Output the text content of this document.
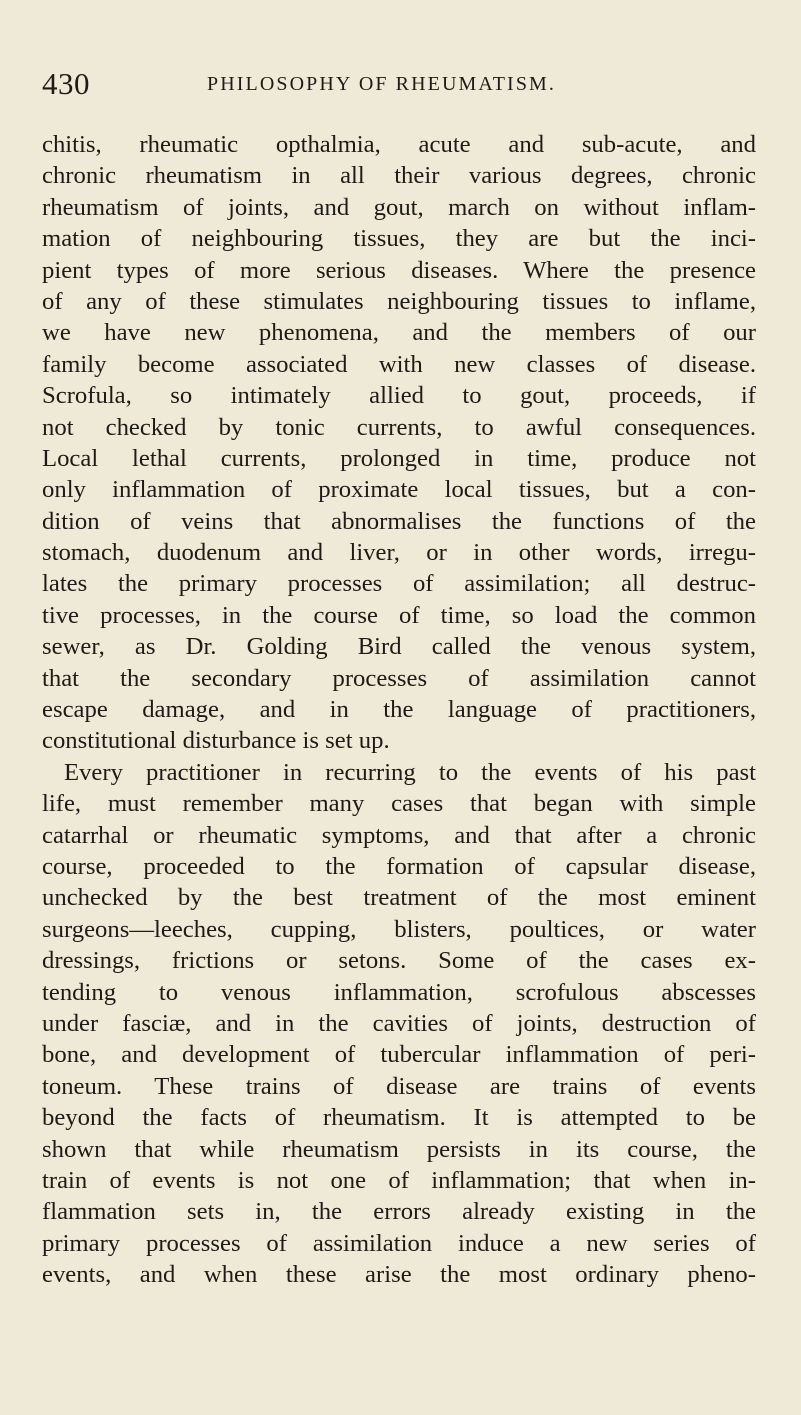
430	PHILOSOPHY OF RHEUMATISM.
chitis, rheumatic opthalmia, acute and sub-acute, and
chronic rheumatism in all their various degrees, chronic
rheumatism of joints, and gout, march on without inflam-
mation of neighbouring tissues, they are but the inci-
pient types of more serious diseases. Where the presence
of any of these stimulates neighbouring tissues to inflame,
we have new phenomena, and the members of our
family become associated with new classes of disease.
Scrofula, so intimately allied to gout, proceeds, if
not checked by tonic currents, to awful consequences.
Local lethal currents, prolonged in time, produce not
only inflammation of proximate local tissues, but a con-
dition of veins that abnormalises the functions of the
stomach, duodenum and liver, or in other words, irregu-
lates the primary processes of assimilation; all destruc-
tive processes, in the course of time, so load the common
sewer, as Dr. Golding Bird called the venous system,
that the secondary processes of assimilation cannot
escape damage, and in the language of practitioners,
constitutional disturbance is set up.
Every practitioner in recurring to the events of his past
life, must remember many cases that began with simple
catarrhal or rheumatic symptoms, and that after a chronic
course, proceeded to the formation of capsular disease,
unchecked by the best treatment of the most eminent
surgeons—leeches, cupping, blisters, poultices, or water
dressings, frictions or setons. Some of the cases ex-
tending to venous inflammation, scrofulous abscesses
under fasciæ, and in the cavities of joints, destruction of
bone, and development of tubercular inflammation of peri-
toneum. These trains of disease are trains of events
beyond the facts of rheumatism. It is attempted to be
shown that while rheumatism persists in its course, the
train of events is not one of inflammation; that when in-
flammation sets in, the errors already existing in the
primary processes of assimilation induce a new series of
events, and when these arise the most ordinary pheno-
